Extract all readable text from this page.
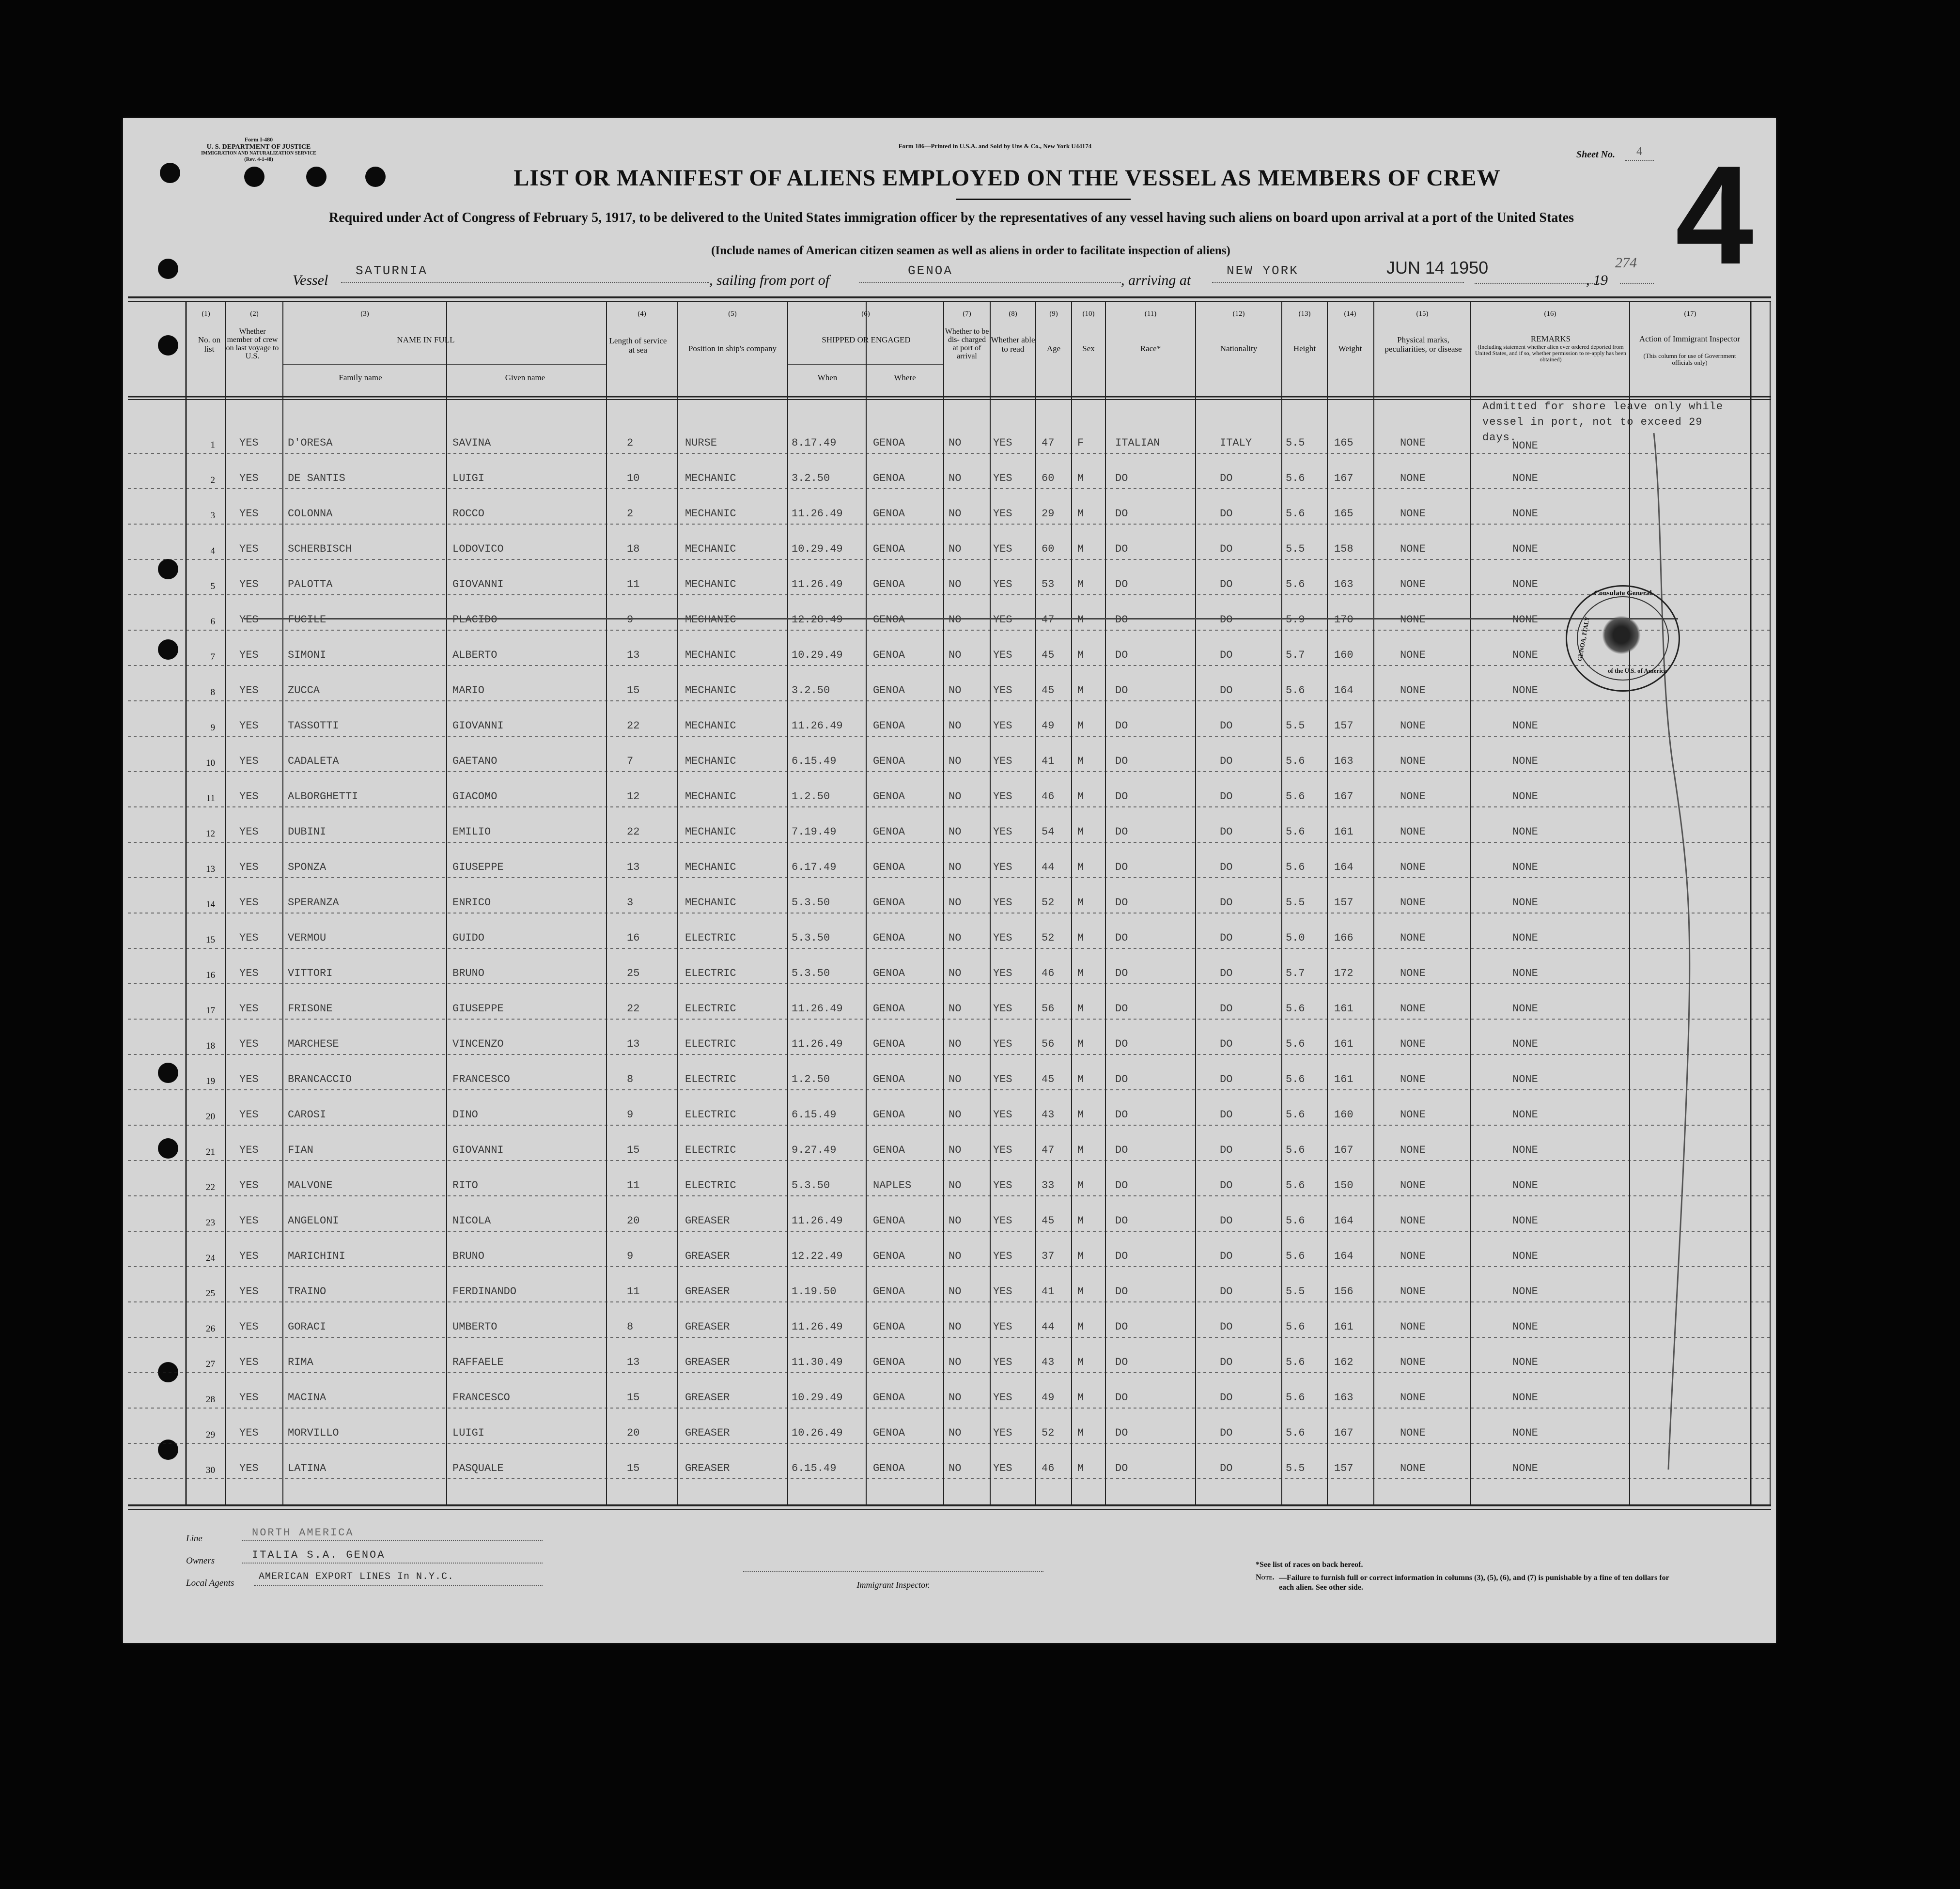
Form I-480
U. S. DEPARTMENT OF JUSTICE
IMMIGRATION AND NATURALIZATION SERVICE
(Rev. 4-1-48)
Form 186—Printed in U.S.A. and Sold by Uns & Co., New York U44174
Sheet No.	4 4
LIST OR MANIFEST OF ALIENS EMPLOYED ON THE VESSEL AS MEMBERS OF CREW
Required under Act of Congress of February 5, 1917, to be delivered to the United States immigration officer by the representatives of any vessel having such aliens on board upon arrival at a port of the United States
(Include names of American citizen seamen as well as aliens in order to facilitate inspection of aliens)
Vessel
SATURNIA
, sailing from port of
GENOA
, arriving at
NEW YORK	JUN 14 1950
, 19
274
(1)	(2)	(3)	(4)	(5)	(6)	(7)	(8)	(9)	(10)	(11)	(12)	(13)	(14)	(15)	(16)	(17)
No. on list
Whether member of crew on last voyage to U.S.
NAME IN FULL
Family name	Given name
Length of service at sea	Position in ship's company
SHIPPED OR ENGAGED
When	Where
Whether to be dis- charged at port of arrival
Whether able to read	Age	Sex	Race*	Nationality	Height	Weight
Physical marks, peculiarities, or disease
REMARKS
(Including statement whether alien ever ordered deported from United States, and if so, whether permission to re-apply has been obtained)
Action of Immigrant Inspector
(This column for use of Government officials only)
Admitted for shore leave only while vessel in port, not to exceed 29 days.
1 YES	D'ORESA	SAVINA	2	NURSE	8.17.49	GENOA	NO	YES	47 F	ITALIAN	ITALY	5.5	165	NONE	NONE
2 YES	DE SANTIS	LUIGI	10	MECHANIC	3.2.50	GENOA	NO	YES	60 M	DO	DO	5.6	167	NONE	NONE
3 YES	COLONNA	ROCCO	2	MECHANIC	11.26.49	GENOA	NO	YES	29 M	DO	DO	5.6	165	NONE	NONE
4 YES	SCHERBISCH	LODOVICO	18	MECHANIC	10.29.49	GENOA	NO	YES	60 M	DO	DO	5.5	158	NONE	NONE
5 YES	PALOTTA	GIOVANNI	11	MECHANIC	11.26.49	GENOA	NO	YES	53 M	DO	DO	5.6	163	NONE	NONE
6 YES	FUCILE	PLACIDO	9	MECHANIC	12.28.49	GENOA	NO	YES	47 M	DO	DO	5.9	170	NONE	NONE
7 YES	SIMONI	ALBERTO	13	MECHANIC	10.29.49	GENOA	NO	YES	45 M	DO	DO	5.7	160	NONE	NONE
8 YES	ZUCCA	MARIO	15	MECHANIC	3.2.50	GENOA	NO	YES	45 M	DO	DO	5.6	164	NONE	NONE
9 YES	TASSOTTI	GIOVANNI	22	MECHANIC	11.26.49	GENOA	NO	YES	49 M	DO	DO	5.5	157	NONE	NONE
10 YES	CADALETA	GAETANO	7	MECHANIC	6.15.49	GENOA	NO	YES	41 M	DO	DO	5.6	163	NONE	NONE
11 YES	ALBORGHETTI	GIACOMO	12	MECHANIC	1.2.50	GENOA	NO	YES	46 M	DO	DO	5.6	167	NONE	NONE
12 YES	DUBINI	EMILIO	22	MECHANIC	7.19.49	GENOA	NO	YES	54 M	DO	DO	5.6	161	NONE	NONE
13 YES	SPONZA	GIUSEPPE	13	MECHANIC	6.17.49	GENOA	NO	YES	44 M	DO	DO	5.6	164	NONE	NONE
14 YES	SPERANZA	ENRICO	3	MECHANIC	5.3.50	GENOA	NO	YES	52 M	DO	DO	5.5	157	NONE	NONE
15 YES	VERMOU	GUIDO	16	ELECTRIC	5.3.50	GENOA	NO	YES	52 M	DO	DO	5.0	166	NONE	NONE
16 YES	VITTORI	BRUNO	25	ELECTRIC	5.3.50	GENOA	NO	YES	46 M	DO	DO	5.7	172	NONE	NONE
17 YES	FRISONE	GIUSEPPE	22	ELECTRIC	11.26.49	GENOA	NO	YES	56 M	DO	DO	5.6	161	NONE	NONE
18 YES	MARCHESE	VINCENZO	13	ELECTRIC	11.26.49	GENOA	NO	YES	56 M	DO	DO	5.6	161	NONE	NONE
19 YES	BRANCACCIO	FRANCESCO	8	ELECTRIC	1.2.50	GENOA	NO	YES	45 M	DO	DO	5.6	161	NONE	NONE
20 YES	CAROSI	DINO	9	ELECTRIC	6.15.49	GENOA	NO	YES	43 M	DO	DO	5.6	160	NONE	NONE
21 YES	FIAN	GIOVANNI	15	ELECTRIC	9.27.49	GENOA	NO	YES	47 M	DO	DO	5.6	167	NONE	NONE
22 YES	MALVONE	RITO	11	ELECTRIC	5.3.50	NAPLES	NO	YES	33 M	DO	DO	5.6	150	NONE	NONE
23 YES	ANGELONI	NICOLA	20	GREASER	11.26.49	GENOA	NO	YES	45 M	DO	DO	5.6	164	NONE	NONE
24 YES	MARICHINI	BRUNO	9	GREASER	12.22.49	GENOA	NO	YES	37 M	DO	DO	5.6	164	NONE	NONE
25 YES	TRAINO	FERDINANDO	11	GREASER	1.19.50	GENOA	NO	YES	41 M	DO	DO	5.5	156	NONE	NONE
26 YES	GORACI	UMBERTO	8	GREASER	11.26.49	GENOA	NO	YES	44 M	DO	DO	5.6	161	NONE	NONE
27 YES	RIMA	RAFFAELE	13	GREASER	11.30.49	GENOA	NO	YES	43 M	DO	DO	5.6	162	NONE	NONE
28 YES	MACINA	FRANCESCO	15	GREASER	10.29.49	GENOA	NO	YES	49 M	DO	DO	5.6	163	NONE	NONE
29 YES	MORVILLO	LUIGI	20	GREASER	10.26.49	GENOA	NO	YES	52 M	DO	DO	5.6	167	NONE	NONE
30 YES	LATINA	PASQUALE	15	GREASER	6.15.49	GENOA	NO	YES	46 M	DO	DO	5.5	157	NONE	NONE
Consulate General
of the U.S. of America
GENOA, ITALY
Line	NORTH AMERICA
Owners	ITALIA S.A. GENOA
Local Agents
AMERICAN EXPORT LINES In N.Y.C.
Immigrant Inspector.
*See list of races on back hereof.
Note. —Failure to furnish full or correct information in columns (3), (5), (6), and (7) is punishable by a fine of ten dollars for each alien. See other side.
